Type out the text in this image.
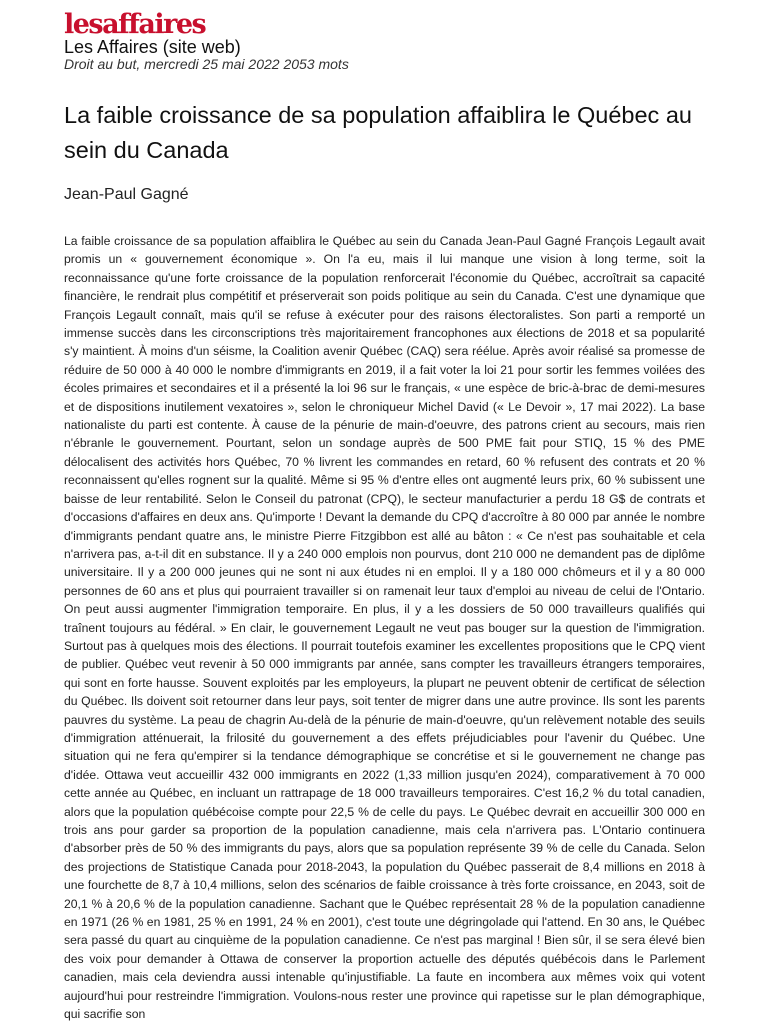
lesaffaires
Les Affaires (site web)
Droit au but, mercredi 25 mai 2022 2053 mots
La faible croissance de sa population affaiblira le Québec au sein du Canada
Jean-Paul Gagné

La faible croissance de sa population affaiblira le Québec au sein du Canada Jean-Paul Gagné François Legault avait promis un « gouvernement économique ». On l'a eu, mais il lui manque une vision à long terme, soit la reconnaissance qu'une forte croissance de la population renforcerait l'économie du Québec, accroîtrait sa capacité financière, le rendrait plus compétitif et préserverait son poids politique au sein du Canada. C'est une dynamique que François Legault connaît, mais qu'il se refuse à exécuter pour des raisons électoralistes. Son parti a remporté un immense succès dans les circonscriptions très majoritairement francophones aux élections de 2018 et sa popularité s'y maintient. À moins d'un séisme, la Coalition avenir Québec (CAQ) sera réélue. Après avoir réalisé sa promesse de réduire de 50 000 à 40 000 le nombre d'immigrants en 2019, il a fait voter la loi 21 pour sortir les femmes voilées des écoles primaires et secondaires et il a présenté la loi 96 sur le français, « une espèce de bric-à-brac de demi-mesures et de dispositions inutilement vexatoires », selon le chroniqueur Michel David (« Le Devoir », 17 mai 2022). La base nationaliste du parti est contente. À cause de la pénurie de main-d'oeuvre, des patrons crient au secours, mais rien n'ébranle le gouvernement. Pourtant, selon un sondage auprès de 500 PME fait pour STIQ, 15 % des PME délocalisent des activités hors Québec, 70 % livrent les commandes en retard, 60 % refusent des contrats et 20 % reconnaissent qu'elles rognent sur la qualité. Même si 95 % d'entre elles ont augmenté leurs prix, 60 % subissent une baisse de leur rentabilité. Selon le Conseil du patronat (CPQ), le secteur manufacturier a perdu 18 G$ de contrats et d'occasions d'affaires en deux ans. Qu'importe ! Devant la demande du CPQ d'accroître à 80 000 par année le nombre d'immigrants pendant quatre ans, le ministre Pierre Fitzgibbon est allé au bâton : « Ce n'est pas souhaitable et cela n'arrivera pas, a-t-il dit en substance. Il y a 240 000 emplois non pourvus, dont 210 000 ne demandent pas de diplôme universitaire. Il y a 200 000 jeunes qui ne sont ni aux études ni en emploi. Il y a 180 000 chômeurs et il y a 80 000 personnes de 60 ans et plus qui pourraient travailler si on ramenait leur taux d'emploi au niveau de celui de l'Ontario. On peut aussi augmenter l'immigration temporaire. En plus, il y a les dossiers de 50 000 travailleurs qualifiés qui traînent toujours au fédéral. » En clair, le gouvernement Legault ne veut pas bouger sur la question de l'immigration. Surtout pas à quelques mois des élections. Il pourrait toutefois examiner les excellentes propositions que le CPQ vient de publier. Québec veut revenir à 50 000 immigrants par année, sans compter les travailleurs étrangers temporaires, qui sont en forte hausse. Souvent exploités par les employeurs, la plupart ne peuvent obtenir de certificat de sélection du Québec. Ils doivent soit retourner dans leur pays, soit tenter de migrer dans une autre province. Ils sont les parents pauvres du système. La peau de chagrin Au-delà de la pénurie de main-d'oeuvre, qu'un relèvement notable des seuils d'immigration atténuerait, la frilosité du gouvernement a des effets préjudiciables pour l'avenir du Québec. Une situation qui ne fera qu'empirer si la tendance démographique se concrétise et si le gouvernement ne change pas d'idée. Ottawa veut accueillir 432 000 immigrants en 2022 (1,33 million jusqu'en 2024), comparativement à 70 000 cette année au Québec, en incluant un rattrapage de 18 000 travailleurs temporaires. C'est 16,2 % du total canadien, alors que la population québécoise compte pour 22,5 % de celle du pays. Le Québec devrait en accueillir 300 000 en trois ans pour garder sa proportion de la population canadienne, mais cela n'arrivera pas. L'Ontario continuera d'absorber près de 50 % des immigrants du pays, alors que sa population représente 39 % de celle du Canada. Selon des projections de Statistique Canada pour 2018-2043, la population du Québec passerait de 8,4 millions en 2018 à une fourchette de 8,7 à 10,4 millions, selon des scénarios de faible croissance à très forte croissance, en 2043, soit de 20,1 % à 20,6 % de la population canadienne. Sachant que le Québec représentait 28 % de la population canadienne en 1971 (26 % en 1981, 25 % en 1991, 24 % en 2001), c'est toute une dégringolade qui l'attend. En 30 ans, le Québec sera passé du quart au cinquième de la population canadienne. Ce n'est pas marginal ! Bien sûr, il se sera élevé bien des voix pour demander à Ottawa de conserver la proportion actuelle des députés québécois dans le Parlement canadien, mais cela deviendra aussi intenable qu'injustifiable. La faute en incombera aux mêmes voix qui votent aujourd'hui pour restreindre l'immigration. Voulons-nous rester une province qui rapetisse sur le plan démographique, qui sacrifie son
